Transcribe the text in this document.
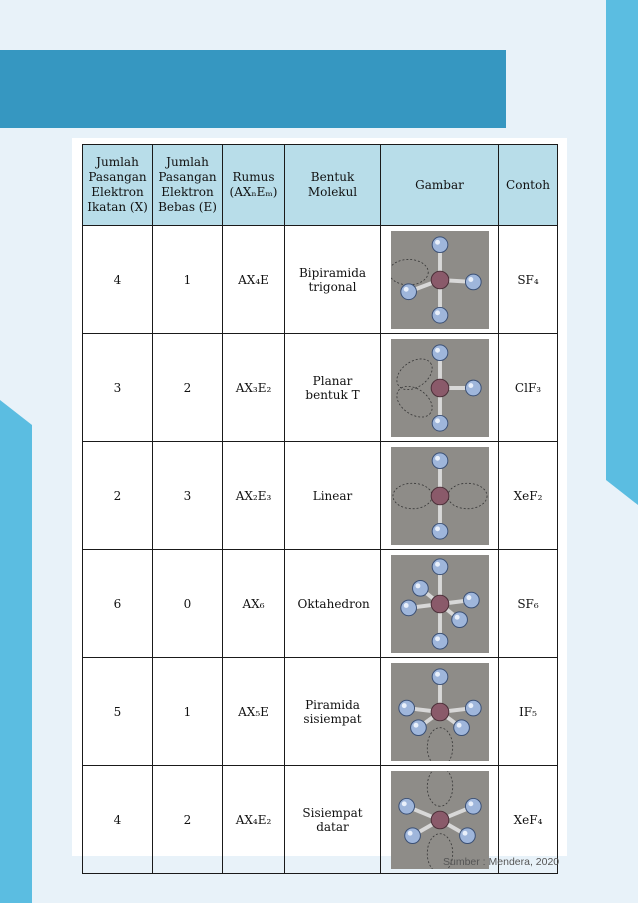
Jumlah Pasangan Elektron Ikatan (X)	Jumlah Pasangan Elektron Bebas (E)	Rumus (AXₙEₘ)	Bentuk Molekul	Gambar	Contoh
4	1	AX₄E	Bipiramida trigonal		SF₄
3	2	AX₃E₂	Planar bentuk T		ClF₃
2	3	AX₂E₃	Linear		XeF₂
6	0	AX₆	Oktahedron		SF₆
5	1	AX₅E	Piramida sisiempat		IF₅
4	2	AX₄E₂	Sisiempat datar		XeF₄
Sumber : Mendera, 2020
